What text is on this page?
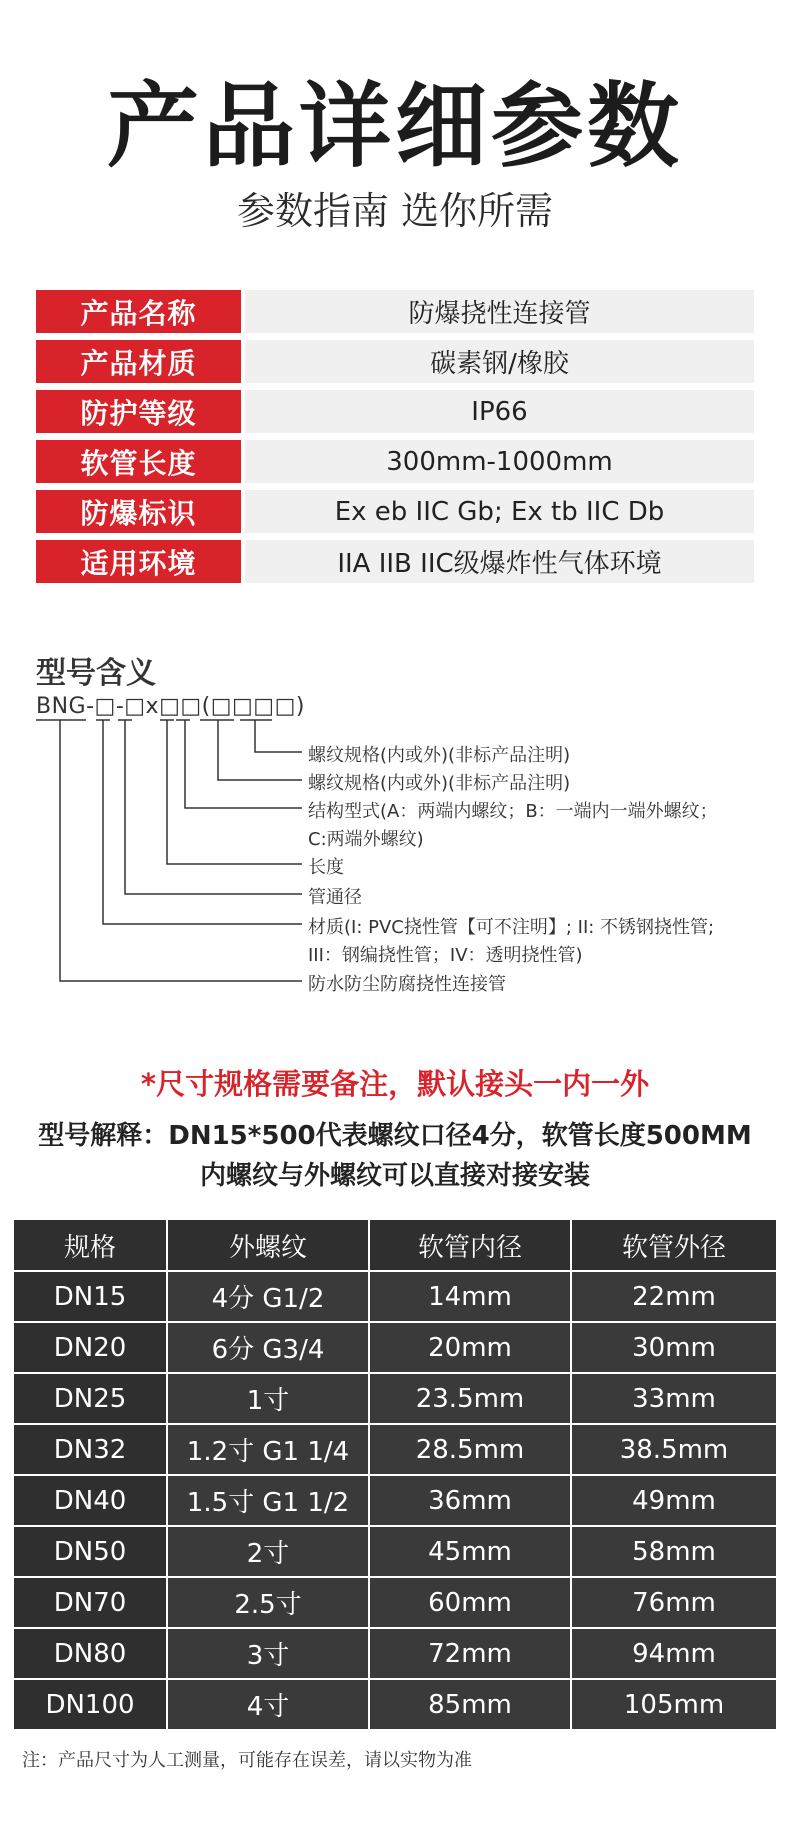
产品详细参数
参数指南 选你所需
产品名称	防爆挠性连接管
产品材质	碳素钢/橡胶
防护等级	IP66
软管长度	300mm-1000mm
防爆标识	Ex eb IIC Gb; Ex tb IIC Db
适用环境	IIA IIB IIC级爆炸性气体环境
型号含义
BNG-□-□x□□(□□□□)
螺纹规格(内或外)(非标产品注明)
螺纹规格(内或外)(非标产品注明)
结构型式(A：两端内螺纹；B：一端内一端外螺纹；
C:两端外螺纹)
长度
管通径
材质(I: PVC挠性管【可不注明】; II: 不锈钢挠性管;
III：钢编挠性管；IV：透明挠性管)
防水防尘防腐挠性连接管
*尺寸规格需要备注，默认接头一内一外
型号解释：DN15*500代表螺纹口径4分，软管长度500MM
内螺纹与外螺纹可以直接对接安装
规格	外螺纹	软管内径	软管外径
DN15	4分 G1/2	14mm	22mm
DN20	6分 G3/4	20mm	30mm
DN25	1寸	23.5mm	33mm
DN32	1.2寸 G1 1/4	28.5mm	38.5mm
DN40	1.5寸 G1 1/2	36mm	49mm
DN50	2寸	45mm	58mm
DN70	2.5寸	60mm	76mm
DN80	3寸	72mm	94mm
DN100	4寸	85mm	105mm
注：产品尺寸为人工测量，可能存在误差，请以实物为准
